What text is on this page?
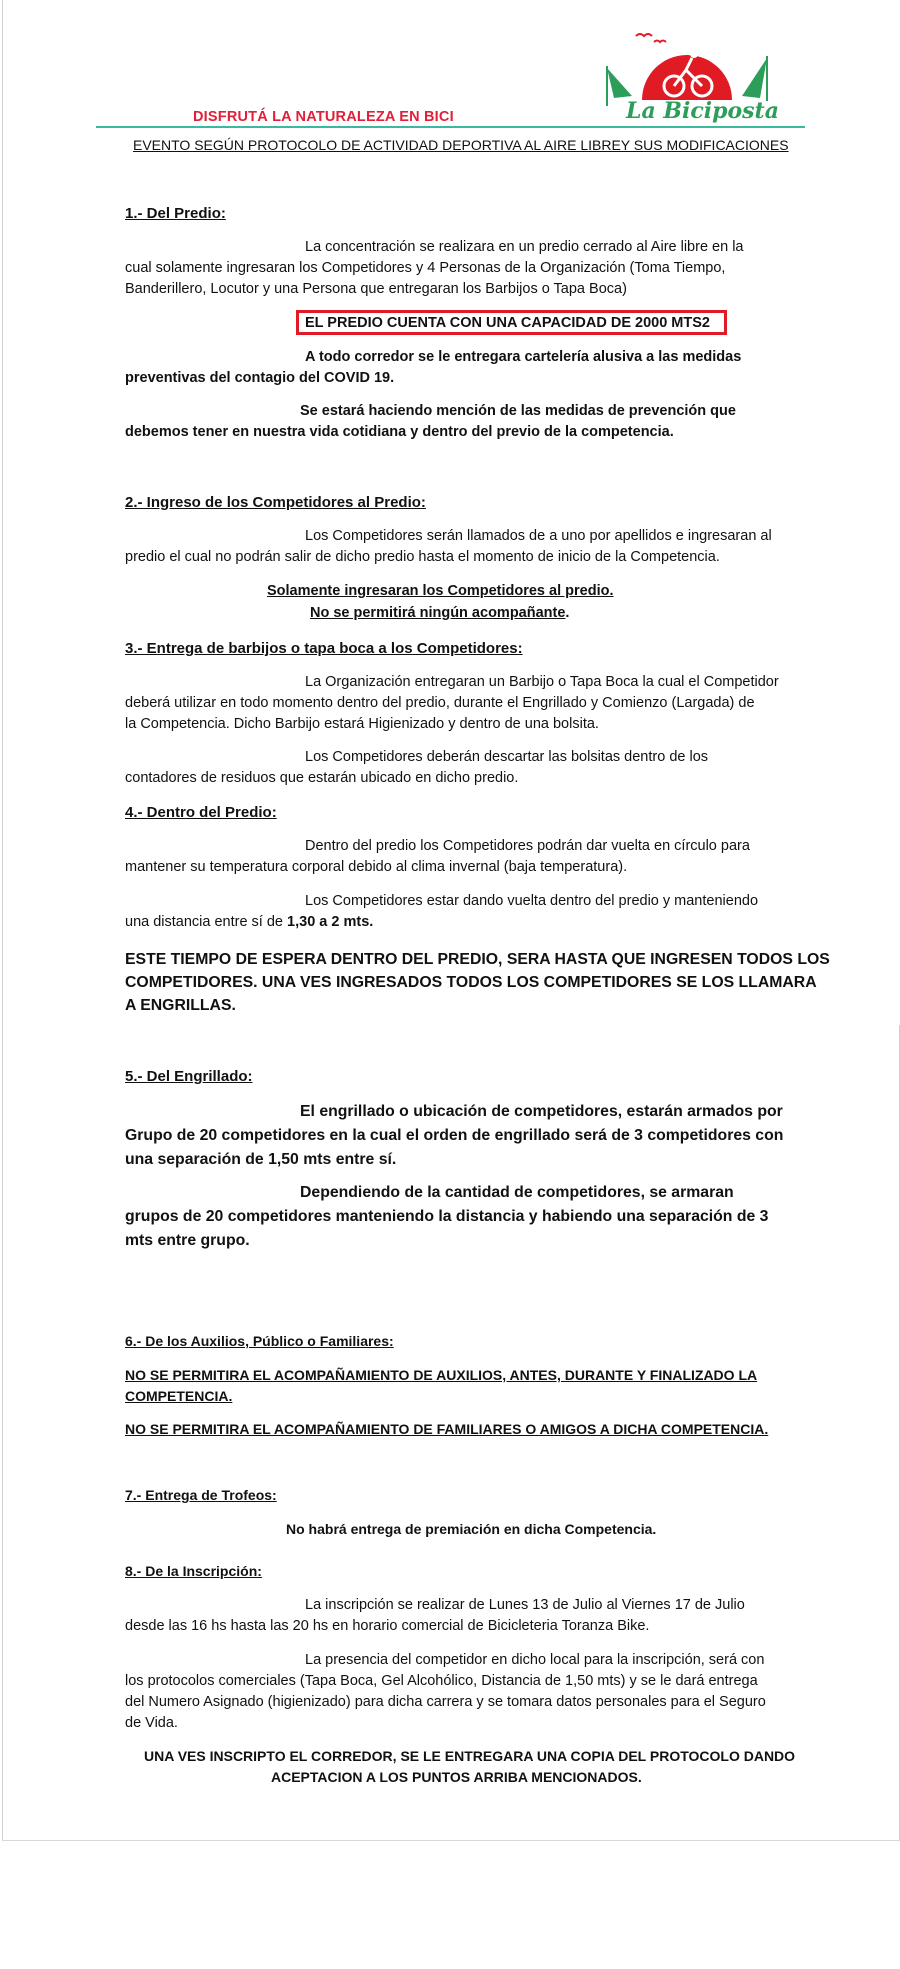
DISFRUTÁ LA NATURALEZA EN BICI	La Biciposta
EVENTO SEGÚN PROTOCOLO DE ACTIVIDAD DEPORTIVA AL AIRE LIBREY SUS MODIFICACIONES
1.- Del Predio:
La concentración se realizara en un predio cerrado al Aire libre en la
cual solamente ingresaran los Competidores y 4 Personas de la Organización (Toma Tiempo,
Banderillero, Locutor y una Persona que entregaran los Barbijos o Tapa Boca)
EL PREDIO CUENTA CON UNA CAPACIDAD DE 2000 MTS2
A todo corredor se le entregara cartelería alusiva a las medidas
preventivas del contagio del COVID 19.
Se estará haciendo mención de las medidas de prevención que
debemos tener en nuestra vida cotidiana y dentro del previo de la competencia.
2.- Ingreso de los Competidores al Predio:
Los Competidores serán llamados de a uno por apellidos e ingresaran al
predio el cual no podrán salir de dicho predio hasta el momento de inicio de la Competencia.
Solamente ingresaran los Competidores al predio.
No se permitirá ningún acompañante.
3.- Entrega de barbijos o tapa boca a los Competidores:
La Organización entregaran un Barbijo o Tapa Boca la cual el Competidor
deberá utilizar en todo momento dentro del predio, durante el Engrillado y Comienzo (Largada) de
la Competencia. Dicho Barbijo estará Higienizado y dentro de una bolsita.
Los Competidores deberán descartar las bolsitas dentro de los
contadores de residuos que estarán ubicado en dicho predio.
4.- Dentro del Predio:
Dentro del predio los Competidores podrán dar vuelta en círculo para
mantener su temperatura corporal debido al clima invernal (baja temperatura).
Los Competidores estar dando vuelta dentro del predio y manteniendo
una distancia entre sí de 1,30 a 2 mts.
ESTE TIEMPO DE ESPERA DENTRO DEL PREDIO, SERA HASTA QUE INGRESEN TODOS LOS
COMPETIDORES. UNA VES INGRESADOS TODOS LOS COMPETIDORES SE LOS LLAMARA
A ENGRILLAS.
5.- Del Engrillado:
El engrillado o ubicación de competidores, estarán armados por
Grupo de 20 competidores en la cual el orden de engrillado será de 3 competidores con
una separación de 1,50 mts entre sí.
Dependiendo de la cantidad de competidores, se armaran
grupos de 20 competidores manteniendo la distancia y habiendo una separación de 3
mts entre grupo.
6.- De los Auxilios, Público o Familiares:
NO SE PERMITIRA EL ACOMPAÑAMIENTO DE AUXILIOS, ANTES, DURANTE Y FINALIZADO LA
COMPETENCIA.
NO SE PERMITIRA EL ACOMPAÑAMIENTO DE FAMILIARES O AMIGOS A DICHA COMPETENCIA.
7.- Entrega de Trofeos:
No habrá entrega de premiación en dicha Competencia.
8.- De la Inscripción:
La inscripción se realizar de Lunes 13 de Julio al Viernes 17 de Julio
desde las 16 hs hasta las 20 hs en horario comercial de Bicicleteria Toranza Bike.
La presencia del competidor en dicho local para la inscripción, será con
los protocolos comerciales (Tapa Boca, Gel Alcohólico, Distancia de 1,50 mts) y se le dará entrega
del Numero Asignado (higienizado) para dicha carrera y se tomara datos personales para el Seguro
de Vida.
UNA VES INSCRIPTO EL CORREDOR, SE LE ENTREGARA UNA COPIA DEL PROTOCOLO DANDO
ACEPTACION A LOS PUNTOS ARRIBA MENCIONADOS.
